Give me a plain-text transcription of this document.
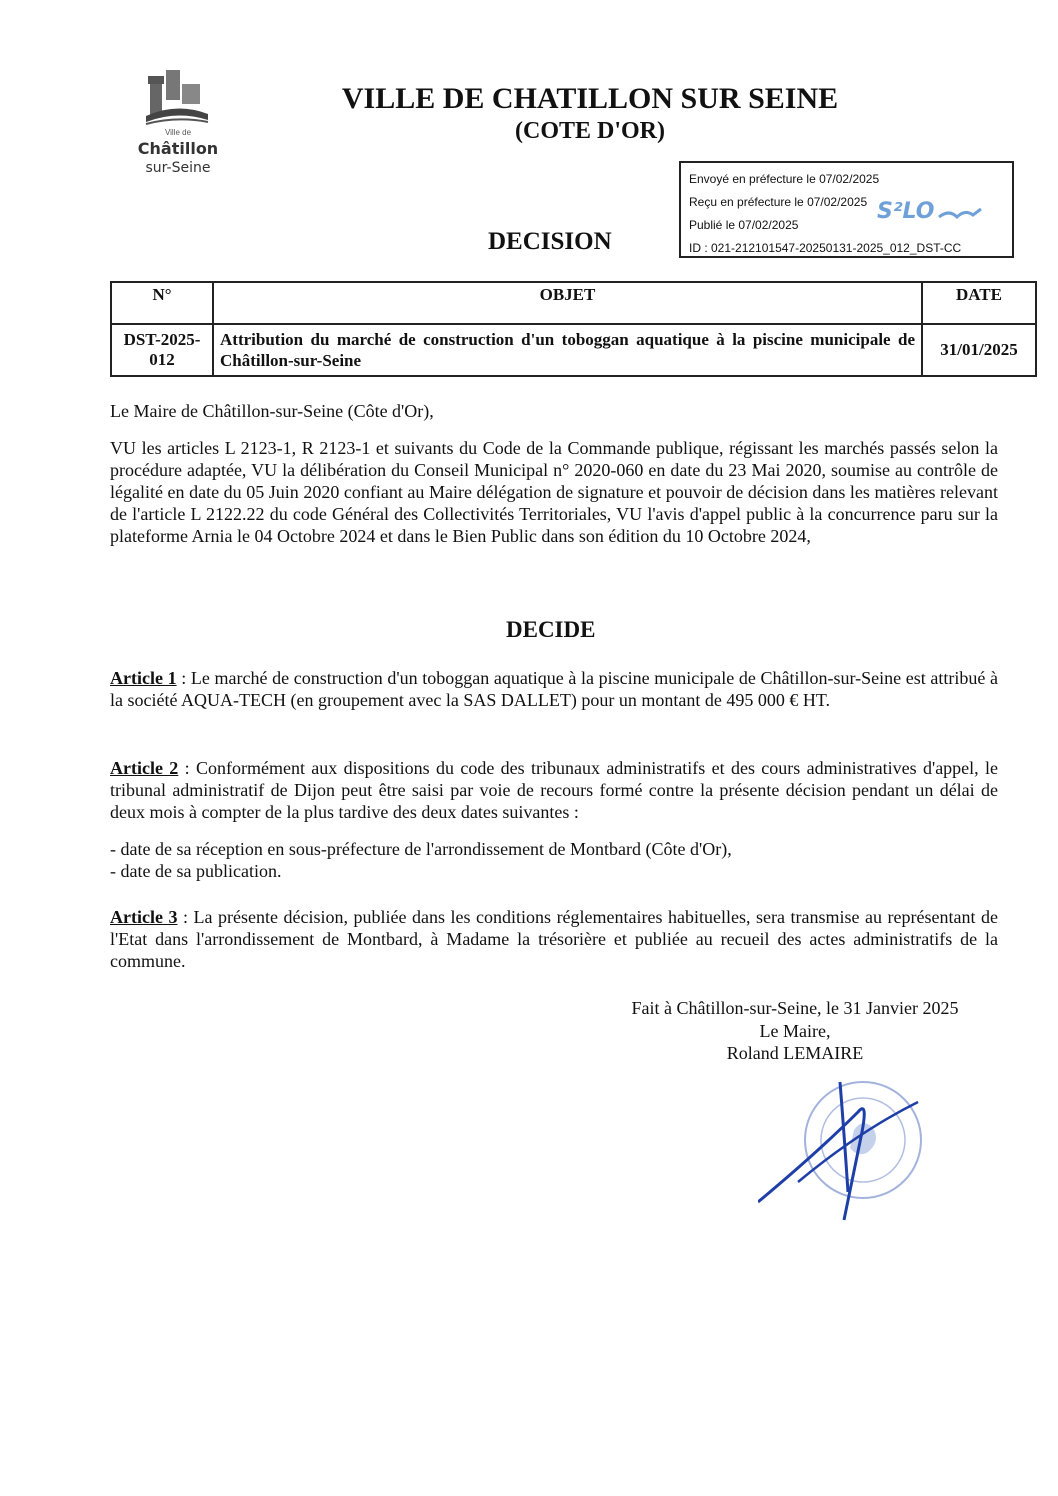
Ville de
Châtillon
sur-Seine
VILLE DE CHATILLON SUR SEINE
(COTE D'OR)
Envoyé en préfecture le 07/02/2025
Reçu en préfecture le 07/02/2025
Publié le 07/02/2025
ID : 021-212101547-20250131-2025_012_DST-CC
S²LO
DECISION
N°	OBJET	DATE
DST-2025-012	Attribution du marché de construction d'un toboggan aquatique à la piscine municipale de Châtillon-sur-Seine	31/01/2025
Le Maire de Châtillon-sur-Seine (Côte d'Or),
VU les articles L 2123-1, R 2123-1 et suivants du Code de la Commande publique, régissant les marchés passés selon la procédure adaptée, VU la délibération du Conseil Municipal n° 2020-060 en date du 23 Mai 2020, soumise au contrôle de légalité en date du 05 Juin 2020 confiant au Maire délégation de signature et pouvoir de décision dans les matières relevant de l'article L 2122.22 du code Général des Collectivités Territoriales, VU l'avis d'appel public à la concurrence paru sur la plateforme Arnia le 04 Octobre 2024 et dans le Bien Public dans son édition du 10 Octobre 2024,
DECIDE
Article 1 : Le marché de construction d'un toboggan aquatique à la piscine municipale de Châtillon-sur-Seine est attribué à la société AQUA-TECH (en groupement avec la SAS DALLET) pour un montant de 495 000 € HT.
Article 2 : Conformément aux dispositions du code des tribunaux administratifs et des cours administratives d'appel, le tribunal administratif de Dijon peut être saisi par voie de recours formé contre la présente décision pendant un délai de deux mois à compter de la plus tardive des deux dates suivantes :
- date de sa réception en sous-préfecture de l'arrondissement de Montbard (Côte d'Or),
- date de sa publication.
Article 3 : La présente décision, publiée dans les conditions réglementaires habituelles, sera transmise au représentant de l'Etat dans l'arrondissement de Montbard, à Madame la trésorière et publiée au recueil des actes administratifs de la commune.
Fait à Châtillon-sur-Seine, le 31 Janvier 2025
Le Maire,
Roland LEMAIRE
